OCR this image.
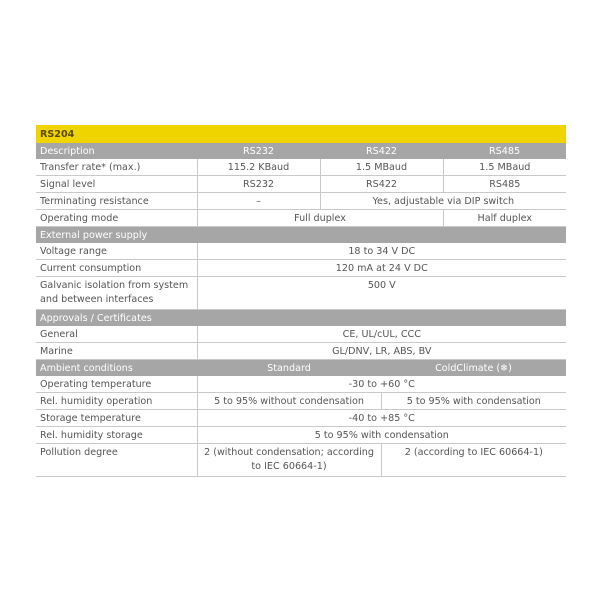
RS204				
Description	RS232	RS422		RS485
Transfer rate* (max.)	115.2 KBaud	1.5 MBaud		1.5 MBaud
Signal level	RS232	RS422		RS485
Terminating resistance	–	Yes, adjustable via DIP switch		
Operating mode	Full duplex			Half duplex
External power supply				
Voltage range	18 to 34 V DC			
Current consumption	120 mA at 24 V DC			
Galvanic isolation from system and between interfaces	500 V			
Approvals / Certificates				
General	CE, UL/cUL, CCC			
Marine	GL/DNV, LR, ABS, BV			
Ambient conditions	Standard		ColdClimate (❄)	
Operating temperature	-30 to +60 °C			
Rel. humidity operation	5 to 95% without condensation		5 to 95% with condensation	
Storage temperature	-40 to +85 °C			
Rel. humidity storage	5 to 95% with condensation			
Pollution degree	2 (without condensation; according to IEC 60664-1)		2 (according to IEC 60664-1)	
